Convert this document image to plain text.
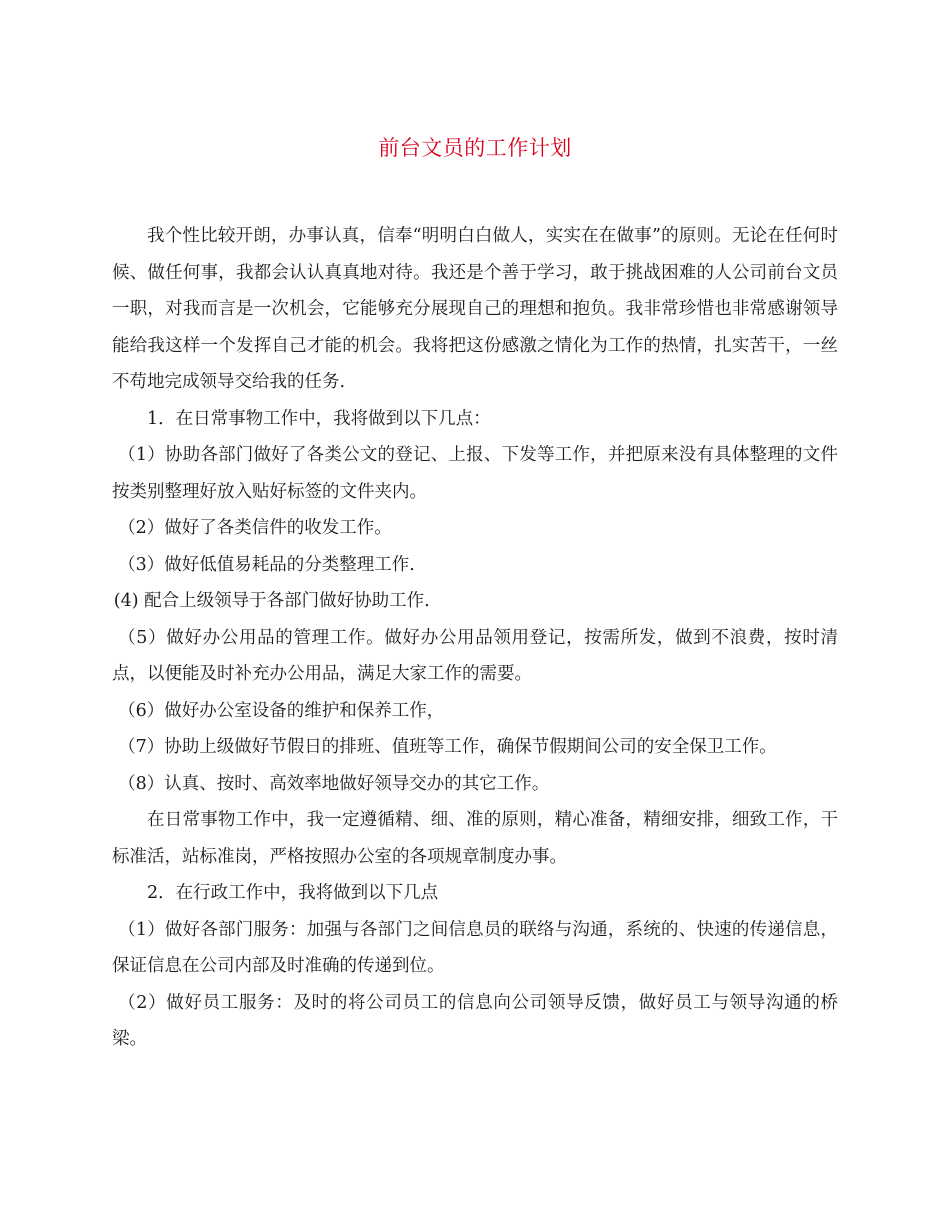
前台文员的工作计划

我个性比较开朗，办事认真，信奉“明明白白做人，实实在在做事”的原则。无论在任何时候、做任何事，我都会认认真真地对待。我还是个善于学习，敢于挑战困难的人公司前台文员一职，对我而言是一次机会，它能够充分展现自己的理想和抱负。我非常珍惜也非常感谢领导能给我这样一个发挥自己才能的机会。我将把这份感激之情化为工作的热情，扎实苦干，一丝不苟地完成领导交给我的任务.

1．在日常事物工作中，我将做到以下几点：

（1）协助各部门做好了各类公文的登记、上报、下发等工作，并把原来没有具体整理的文件按类别整理好放入贴好标签的文件夹内。

（2）做好了各类信件的收发工作。

（3）做好低值易耗品的分类整理工作.

(4) 配合上级领导于各部门做好协助工作.

（5）做好办公用品的管理工作。做好办公用品领用登记，按需所发，做到不浪费，按时清点，以便能及时补充办公用品，满足大家工作的需要。

（6）做好办公室设备的维护和保养工作，

（7）协助上级做好节假日的排班、值班等工作，确保节假期间公司的安全保卫工作。

（8）认真、按时、高效率地做好领导交办的其它工作。

在日常事物工作中，我一定遵循精、细、准的原则，精心准备，精细安排，细致工作，干标准活，站标准岗，严格按照办公室的各项规章制度办事。

2．在行政工作中，我将做到以下几点

（1）做好各部门服务：加强与各部门之间信息员的联络与沟通，系统的、快速的传递信息，保证信息在公司内部及时准确的传递到位。

（2）做好员工服务：及时的将公司员工的信息向公司领导反馈，做好员工与领导沟通的桥梁。
